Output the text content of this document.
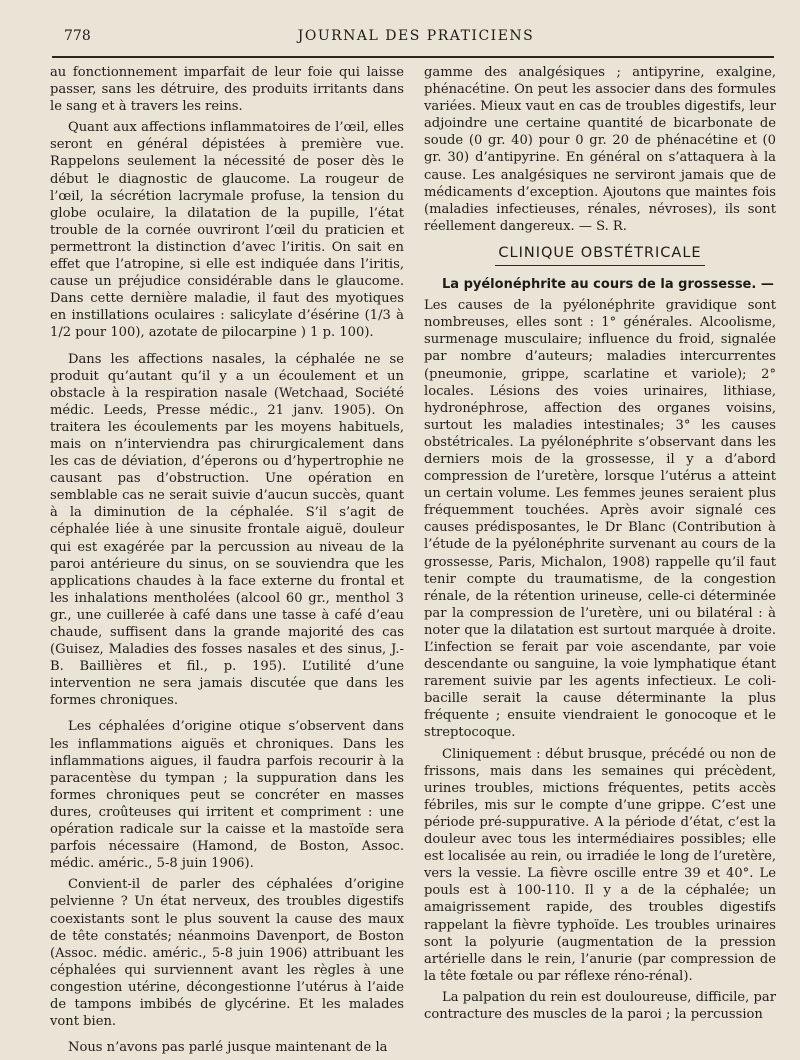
778	JOURNAL DES PRATICIENS

au fonctionnement imparfait de leur foie qui laisse passer, sans les détruire, des produits irritants dans le sang et à travers les reins.

Quant aux affections inflammatoires de l’œil, elles seront en général dépistées à première vue. Rappelons seulement la nécessité de poser dès le début le diagnostic de glaucome. La rougeur de l’œil, la sécrétion lacrymale profuse, la tension du globe oculaire, la dilatation de la pupille, l’état trouble de la cornée ouvriront l’œil du praticien et permettront la distinction d’avec l’iritis. On sait en effet que l’atropine, si elle est indiquée dans l’iritis, cause un préjudice considérable dans le glaucome. Dans cette dernière maladie, il faut des myotiques en instillations oculaires : salicylate d’ésérine (1/3 à 1/2 pour 100), azotate de pilocarpine ) 1 p. 100).

Dans les affections nasales, la céphalée ne se produit qu’autant qu’il y a un écoulement et un obstacle à la respiration nasale (Wetchaad, Société médic. Leeds, Presse médic., 21 janv. 1905). On traitera les écoulements par les moyens habituels, mais on n’interviendra pas chirurgicalement dans les cas de déviation, d’éperons ou d’hypertrophie ne causant pas d’obstruction. Une opération en semblable cas ne serait suivie d’aucun succès, quant à la diminution de la céphalée. S’il s’agit de céphalée liée à une sinusite frontale aiguë, douleur qui est exagérée par la percussion au niveau de la paroi antérieure du sinus, on se souviendra que les applications chaudes à la face externe du frontal et les inhalations mentholées (alcool 60 gr., menthol 3 gr., une cuillerée à café dans une tasse à café d’eau chaude, suffisent dans la grande majorité des cas (Guisez, Maladies des fosses nasales et des sinus, J.-B. Baillières et fil., p. 195). L’utilité d’une intervention ne sera jamais discutée que dans les formes chroniques.

Les céphalées d’origine otique s’observent dans les inflammations aiguës et chroniques. Dans les inflammations aigues, il faudra parfois recourir à la paracentèse du tympan ; la suppuration dans les formes chroniques peut se concréter en masses dures, croûteuses qui irritent et compriment : une opération radicale sur la caisse et la mastoïde sera parfois nécessaire (Hamond, de Boston, Assoc. médic. améric., 5-8 juin 1906).

Convient-il de parler des céphalées d’origine pelvienne ? Un état nerveux, des troubles digestifs coexistants sont le plus souvent la cause des maux de tête constatés; néanmoins Davenport, de Boston (Assoc. médic. améric., 5-8 juin 1906) attribuant les céphalées qui surviennent avant les règles à une congestion utérine, décongestionne l’utérus à l’aide de tampons imbibés de glycérine. Et les malades vont bien.

Nous n’avons pas parlé jusque maintenant de la

gamme des analgésiques ; antipyrine, exalgine, phénacétine. On peut les associer dans des formules variées. Mieux vaut en cas de troubles digestifs, leur adjoindre une certaine quantité de bicarbonate de soude (0 gr. 40) pour 0 gr. 20 de phénacétine et (0 gr. 30) d’antipyrine. En général on s’attaquera à la cause. Les analgésiques ne serviront jamais que de médicaments d’exception. Ajoutons que maintes fois (maladies infectieuses, rénales, névroses), ils sont réellement dangereux. — S. R.

CLINIQUE OBSTÉTRICALE

La pyélonéphrite au cours de la grossesse. —

Les causes de la pyélonéphrite gravidique sont nombreuses, elles sont : 1° générales. Alcoolisme, surmenage musculaire; influence du froid, signalée par nombre d’auteurs; maladies intercurrentes (pneumonie, grippe, scarlatine et variole); 2° locales. Lésions des voies urinaires, lithiase, hydronéphrose, affection des organes voisins, surtout les maladies intestinales; 3° les causes obstétricales. La pyélonéphrite s’observant dans les derniers mois de la grossesse, il y a d’abord compression de l’uretère, lorsque l’utérus a atteint un certain volume. Les femmes jeunes seraient plus fréquemment touchées. Après avoir signalé ces causes prédisposantes, le Dr Blanc (Contribution à l’étude de la pyélonéphrite survenant au cours de la grossesse, Paris, Michalon, 1908) rappelle qu’il faut tenir compte du traumatisme, de la congestion rénale, de la rétention urineuse, celle-ci déterminée par la compression de l’uretère, uni ou bilatéral : à noter que la dilatation est surtout marquée à droite. L’infection se ferait par voie ascendante, par voie descendante ou sanguine, la voie lymphatique étant rarement suivie par les agents infectieux. Le coli-bacille serait la cause déterminante la plus fréquente ; ensuite viendraient le gonocoque et le streptocoque.

Cliniquement : début brusque, précédé ou non de frissons, mais dans les semaines qui précèdent, urines troubles, mictions fréquentes, petits accès fébriles, mis sur le compte d’une grippe. C’est une période pré-suppurative. A la période d’état, c’est la douleur avec tous les intermédiaires possibles; elle est localisée au rein, ou irradiée le long de l’uretère, vers la vessie. La fièvre oscille entre 39 et 40°. Le pouls est à 100-110. Il y a de la céphalée; un amaigrissement rapide, des troubles digestifs rappelant la fièvre typhoïde. Les troubles urinaires sont la polyurie (augmentation de la pression artérielle dans le rein, l’anurie (par compression de la tête fœtale ou par réflexe réno-rénal).

La palpation du rein est douloureuse, difficile, par contracture des muscles de la paroi ; la percussion
